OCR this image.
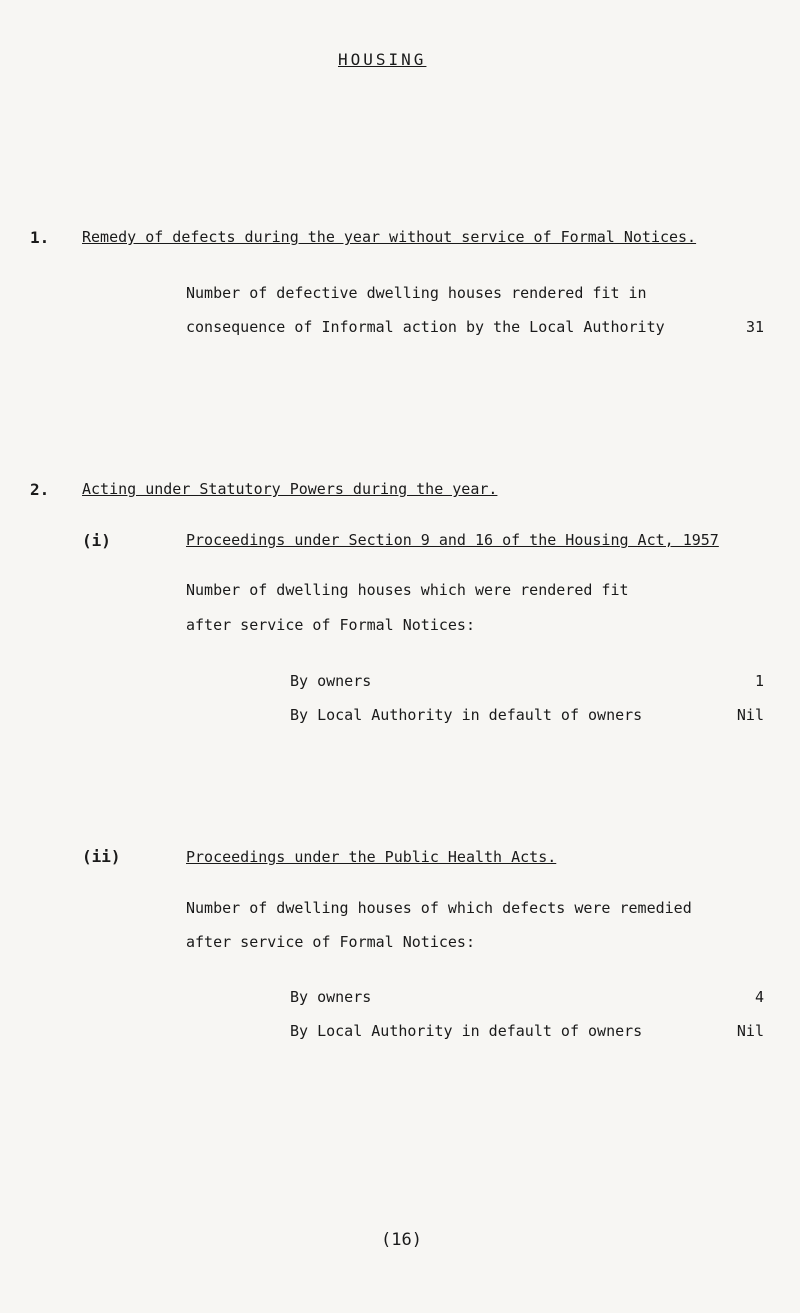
HOUSING
1. Remedy of defects during the year without service of Formal Notices.
Number of defective dwelling houses rendered fit in
consequence of Informal action by the Local Authority	31
2. Acting under Statutory Powers during the year.
(i)	Proceedings under Section 9 and 16 of the Housing Act, 1957
Number of dwelling houses which were rendered fit
after service of Formal Notices:
By owners	1
By Local Authority in default of owners	Nil
(ii)	Proceedings under the Public Health Acts.
Number of dwelling houses of which defects were remedied
after service of Formal Notices:
By owners	4
By Local Authority in default of owners	Nil
(16)
